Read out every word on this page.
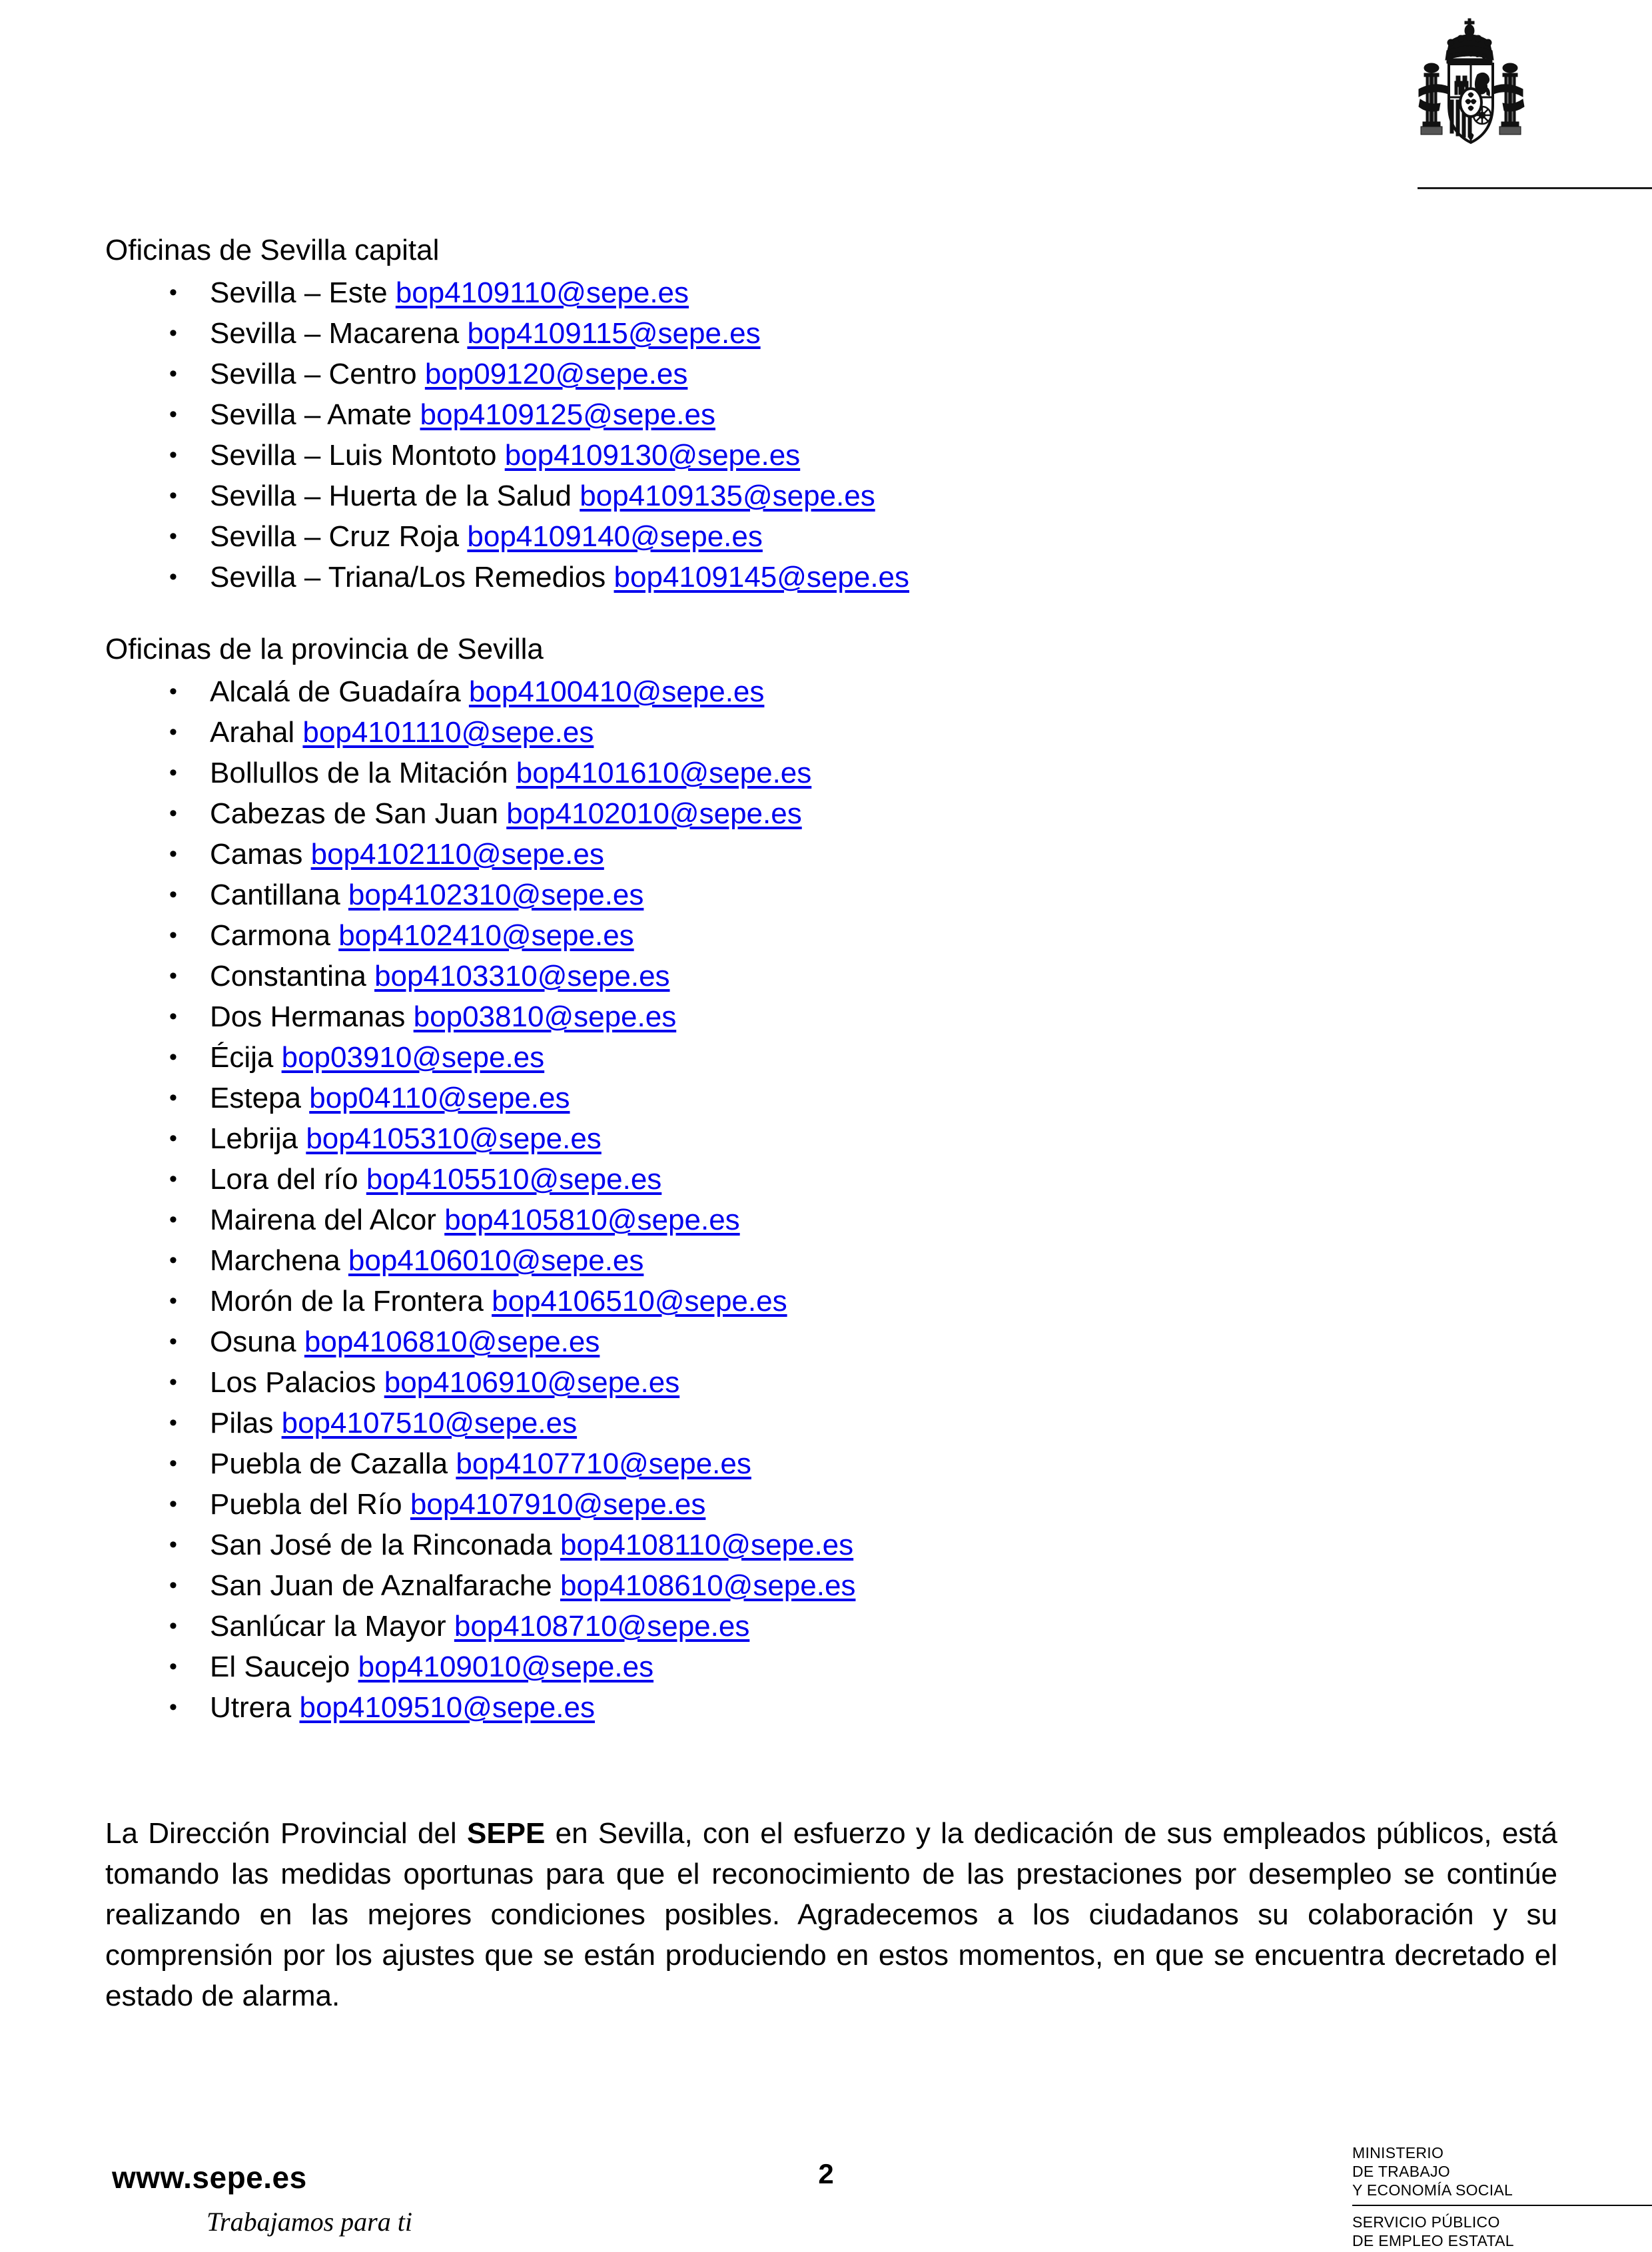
Oficinas de Sevilla capital
• Sevilla – Este bop4109110@sepe.es
• Sevilla – Macarena bop4109115@sepe.es
• Sevilla – Centro bop09120@sepe.es
• Sevilla – Amate bop4109125@sepe.es
• Sevilla – Luis Montoto bop4109130@sepe.es
• Sevilla – Huerta de la Salud bop4109135@sepe.es
• Sevilla – Cruz Roja bop4109140@sepe.es
• Sevilla – Triana/Los Remedios bop4109145@sepe.es
Oficinas de la provincia de Sevilla
• Alcalá de Guadaíra bop4100410@sepe.es
• Arahal bop4101110@sepe.es
• Bollullos de la Mitación bop4101610@sepe.es
• Cabezas de San Juan bop4102010@sepe.es
• Camas bop4102110@sepe.es
• Cantillana bop4102310@sepe.es
• Carmona bop4102410@sepe.es
• Constantina bop4103310@sepe.es
• Dos Hermanas bop03810@sepe.es
• Écija bop03910@sepe.es
• Estepa bop04110@sepe.es
• Lebrija bop4105310@sepe.es
• Lora del río bop4105510@sepe.es
• Mairena del Alcor bop4105810@sepe.es
• Marchena bop4106010@sepe.es
• Morón de la Frontera bop4106510@sepe.es
• Osuna bop4106810@sepe.es
• Los Palacios bop4106910@sepe.es
• Pilas bop4107510@sepe.es
• Puebla de Cazalla bop4107710@sepe.es
• Puebla del Río bop4107910@sepe.es
• San José de la Rinconada bop4108110@sepe.es
• San Juan de Aznalfarache bop4108610@sepe.es
• Sanlúcar la Mayor bop4108710@sepe.es
• El Saucejo bop4109010@sepe.es
• Utrera bop4109510@sepe.es
La Dirección Provincial del SEPE en Sevilla, con el esfuerzo y la dedicación de sus empleados públicos, está tomando las medidas oportunas para que el reconocimiento de las prestaciones por desempleo se continúe realizando en las mejores condiciones posibles. Agradecemos a los ciudadanos su colaboración y su comprensión por los ajustes que se están produciendo en estos momentos, en que se encuentra decretado el estado de alarma.
www.sepe.es
Trabajamos para ti
2
MINISTERIO
DE TRABAJO
Y ECONOMÍA SOCIAL
SERVICIO PÚBLICO
DE EMPLEO ESTATAL
